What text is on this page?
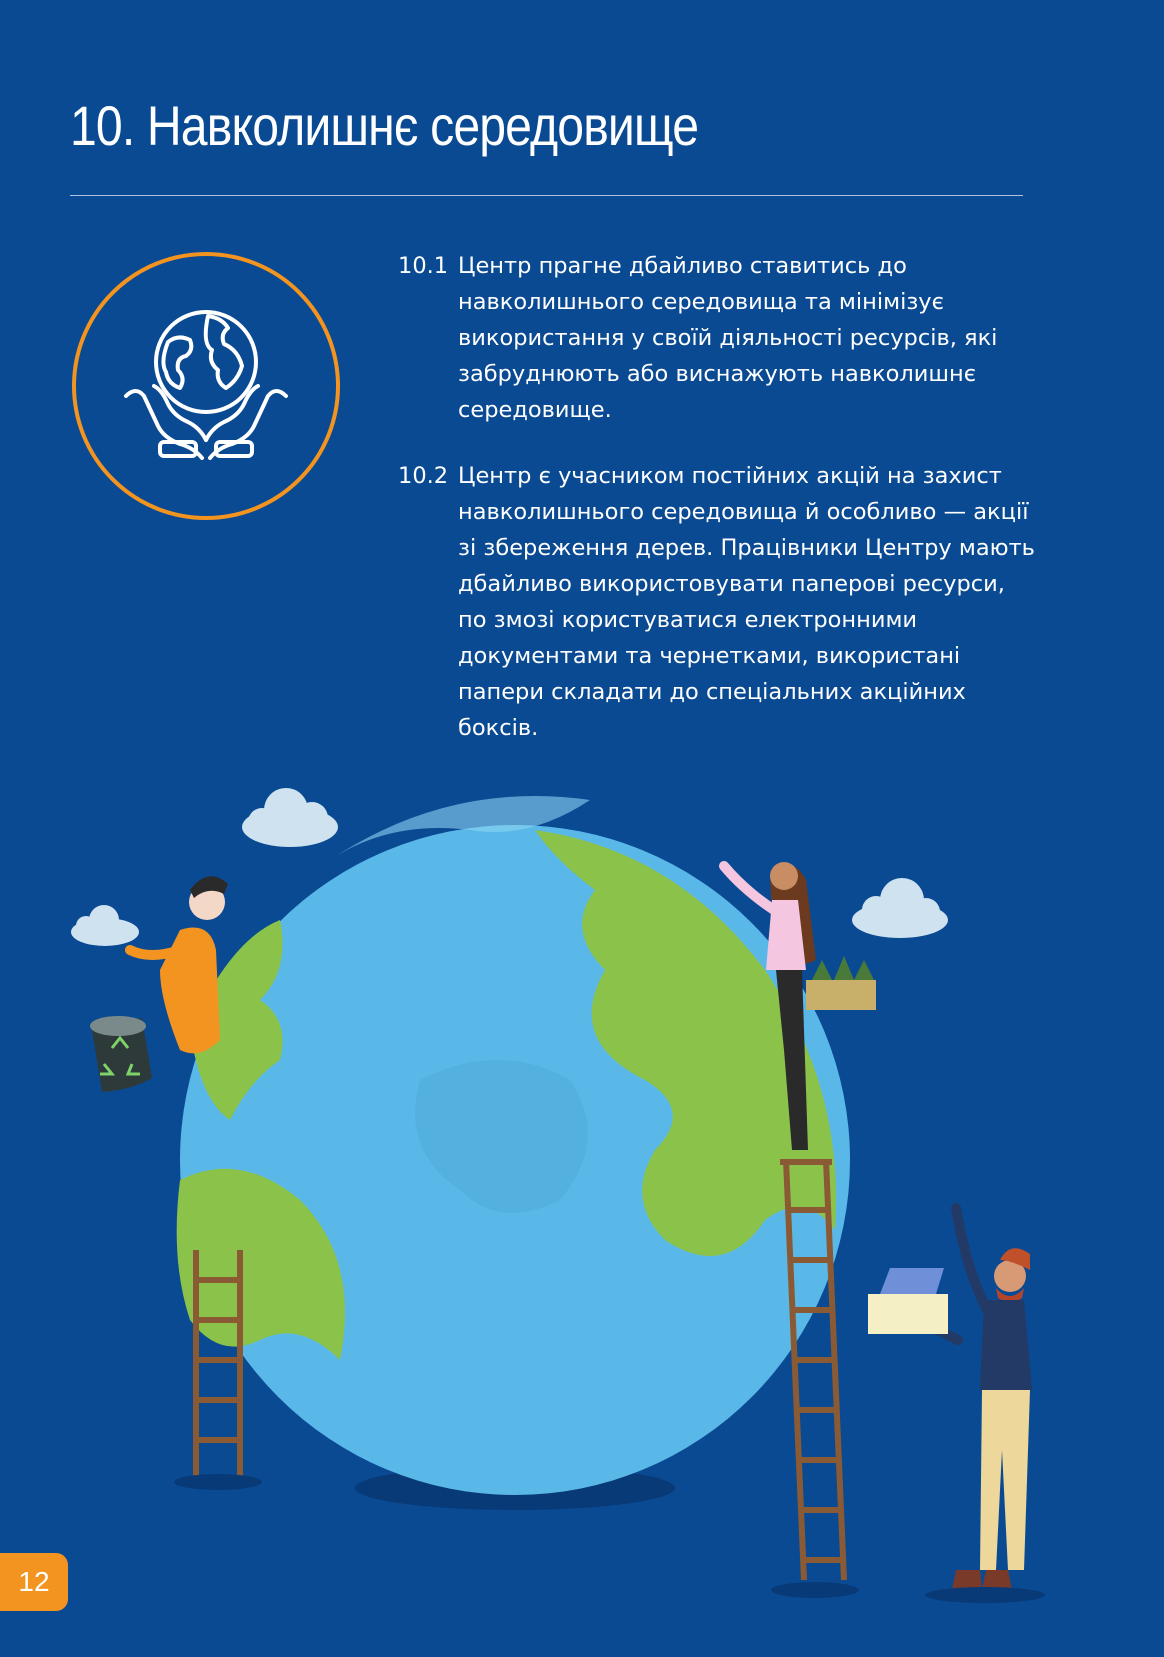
10. Навколишнє середовище
10.1 Центр прагне дбайливо ставитись до навколишнього середовища та мінімізує використання у своїй діяльності ресурсів, які забруднюють або виснажують навколишнє середовище.
10.2 Центр є учасником постійних акцій на захист навколишнього середовища й особливо — акції зі збереження дерев. Працівники Центру мають дбайливо використовувати паперові ресурси, по змозі користуватися електронними документами та чернетками, використані папери складати до спеціальних акційних боксів.
12
